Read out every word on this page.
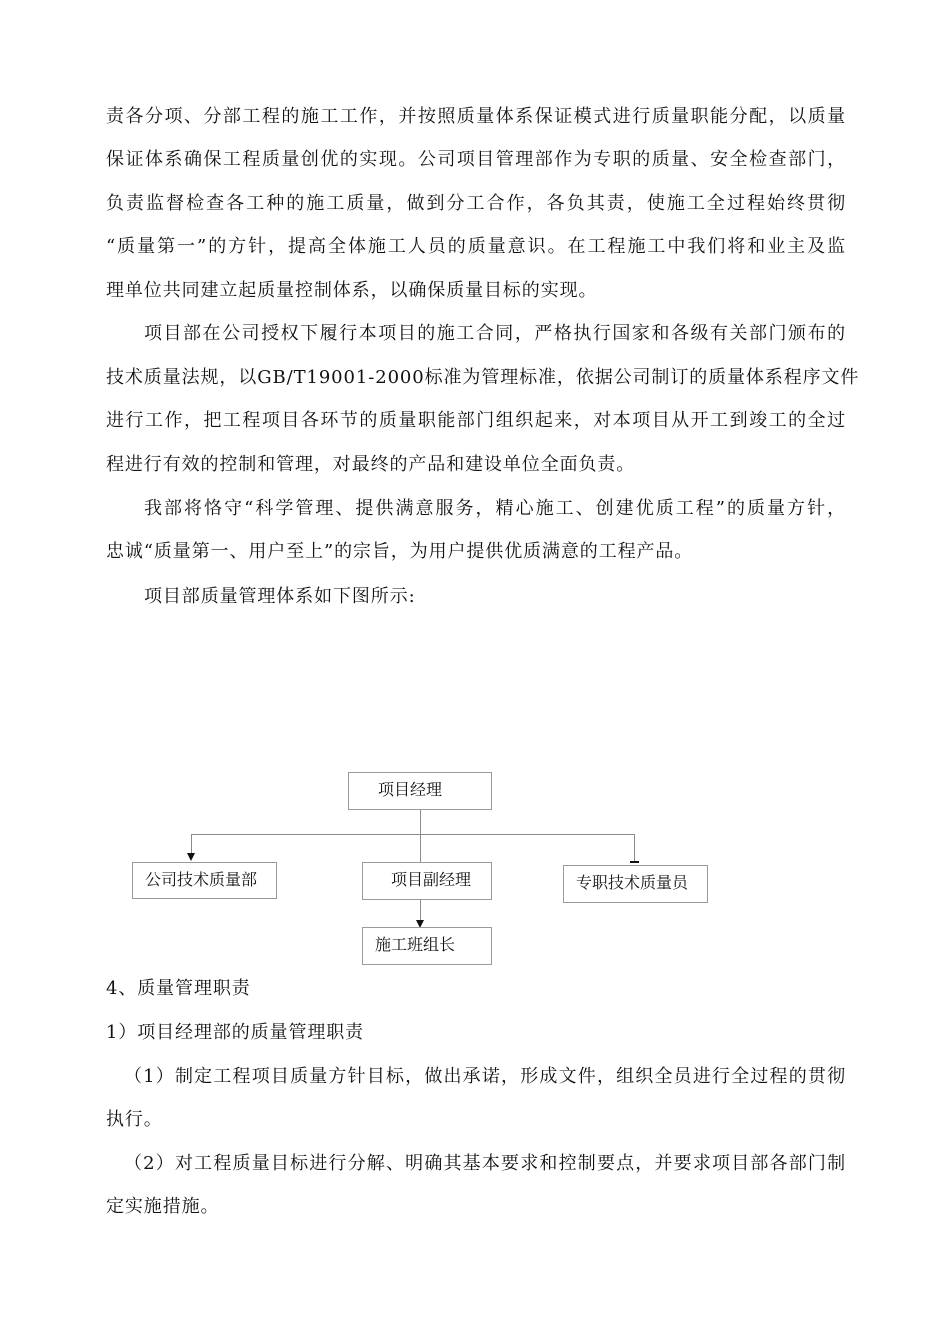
责各分项、分部工程的施工工作，并按照质量体系保证模式进行质量职能分配，以质量
保证体系确保工程质量创优的实现。公司项目管理部作为专职的质量、安全检查部门，
负责监督检查各工种的施工质量，做到分工合作，各负其责，使施工全过程始终贯彻
“质量第一”的方针，提高全体施工人员的质量意识。在工程施工中我们将和业主及监
理单位共同建立起质量控制体系，以确保质量目标的实现。
项目部在公司授权下履行本项目的施工合同，严格执行国家和各级有关部门颁布的
技术质量法规，以GB/T19001-2000标准为管理标准，依据公司制订的质量体系程序文件
进行工作，把工程项目各环节的质量职能部门组织起来，对本项目从开工到竣工的全过
程进行有效的控制和管理，对最终的产品和建设单位全面负责。
我部将恪守“科学管理、提供满意服务，精心施工、创建优质工程”的质量方针，
忠诚“质量第一、用户至上”的宗旨，为用户提供优质满意的工程产品。
项目部质量管理体系如下图所示:
项目经理
公司技术质量部	项目副经理	专职技术质量员
施工班组长
4、质量管理职责
1）项目经理部的质量管理职责
（1）制定工程项目质量方针目标，做出承诺，形成文件，组织全员进行全过程的贯彻
执行。
（2）对工程质量目标进行分解、明确其基本要求和控制要点，并要求项目部各部门制
定实施措施。
